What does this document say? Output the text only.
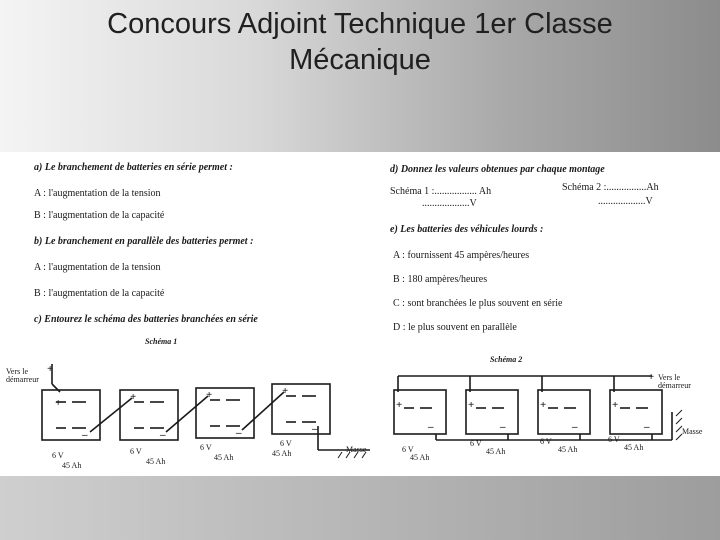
Concours Adjoint Technique 1er Classe
Mécanique
a) Le branchement de batteries en série permet :
A : l'augmentation de la tension
B : l'augmentation de la capacité
b) Le branchement en parallèle des batteries permet :
A : l'augmentation de la tension
B : l'augmentation de la capacité
c) Entourez le schéma des batteries branchées en série
Schéma 1
d) Donnez les valeurs obtenues par chaque montage
Schéma 1 :................. Ah
...................V
Schéma 2 :................Ah
...................V
e) Les batteries des véhicules lourds :
A : fournissent 45 ampères/heures
B : 180 ampères/heures
C : sont branchées le plus souvent en série
D : le plus souvent en parallèle
Schéma 2
+
+
–
+
–
+
–
+
–
Vers le
démarreur
Masse
6 V
45 Ah
6 V
45 Ah
6 V
45 Ah
6 V
45 Ah
+
–
+
–
+
–
+
–
+ Vers le
démarreur
Masse
6 V
45 Ah
6 V
45 Ah
6 V
45 Ah
6 V
45 Ah
